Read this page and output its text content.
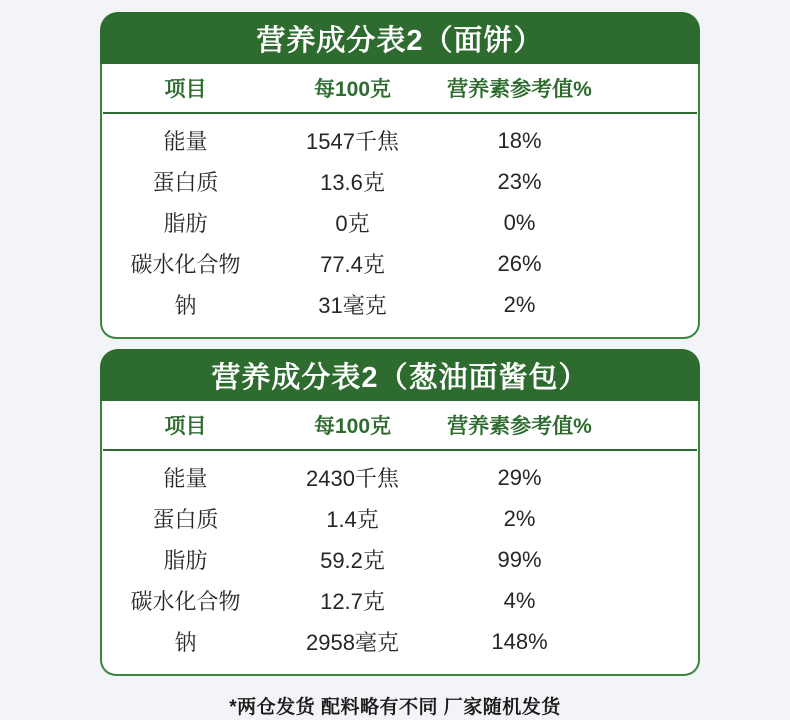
营养成分表2（面饼）
项目	每100克	营养素参考值%
能量	1547千焦	18%
蛋白质	13.6克	23%
脂肪	0克	0%
碳水化合物	77.4克	26%
钠	31毫克	2%
营养成分表2（葱油面酱包）
项目	每100克	营养素参考值%
能量	2430千焦	29%
蛋白质	1.4克	2%
脂肪	59.2克	99%
碳水化合物	12.7克	4%
钠	2958毫克	148%
*两仓发货 配料略有不同 厂家随机发货
